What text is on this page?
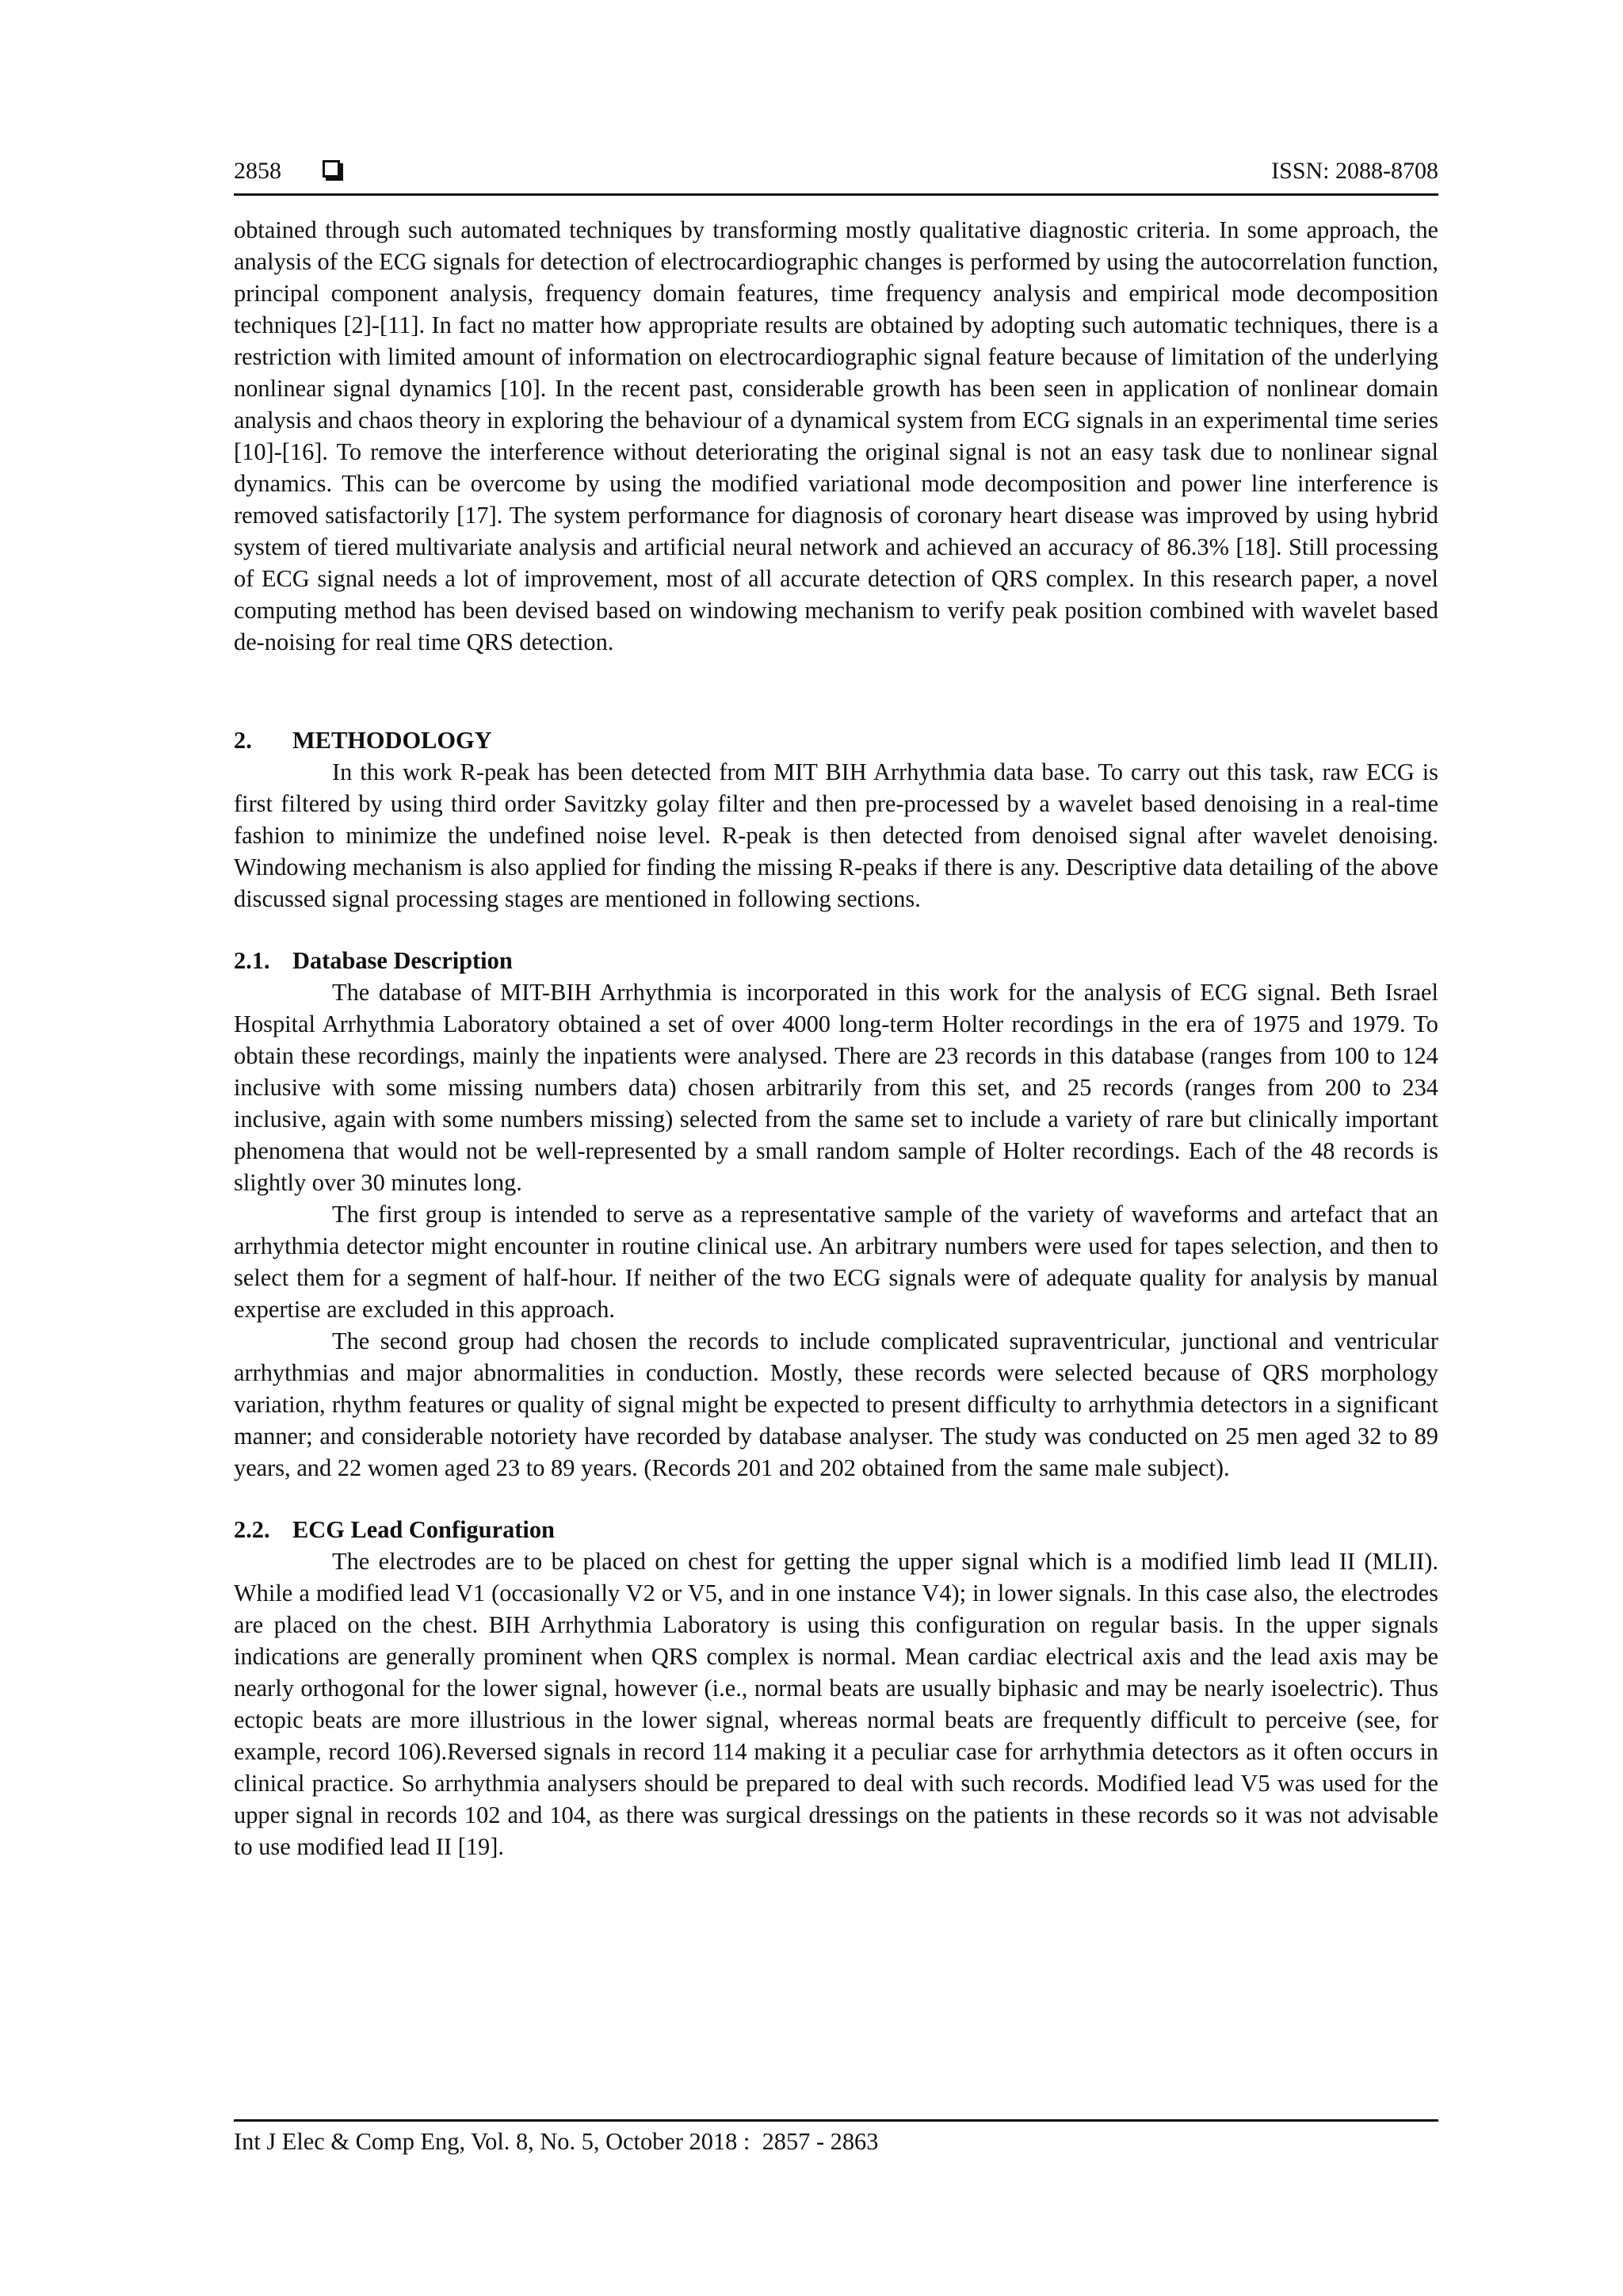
2858	ISSN: 2088-8708

obtained through such automated techniques by transforming mostly qualitative diagnostic criteria. In some approach, the analysis of the ECG signals for detection of electrocardiographic changes is performed by using the autocorrelation function, principal component analysis, frequency domain features, time frequency analysis and empirical mode decomposition techniques [2]-[11]. In fact no matter how appropriate results are obtained by adopting such automatic techniques, there is a restriction with limited amount of information on electrocardiographic signal feature because of limitation of the underlying nonlinear signal dynamics [10]. In the recent past, considerable growth has been seen in application of nonlinear domain analysis and chaos theory in exploring the behaviour of a dynamical system from ECG signals in an experimental time series [10]-[16]. To remove the interference without deteriorating the original signal is not an easy task due to nonlinear signal dynamics. This can be overcome by using the modified variational mode decomposition and power line interference is removed satisfactorily [17]. The system performance for diagnosis of coronary heart disease was improved by using hybrid system of tiered multivariate analysis and artificial neural network and achieved an accuracy of 86.3% [18]. Still processing of ECG signal needs a lot of improvement, most of all accurate detection of QRS complex. In this research paper, a novel computing method has been devised based on windowing mechanism to verify peak position combined with wavelet based de-noising for real time QRS detection.

2.	METHODOLOGY

In this work R-peak has been detected from MIT BIH Arrhythmia data base. To carry out this task, raw ECG is first filtered by using third order Savitzky golay filter and then pre-processed by a wavelet based denoising in a real-time fashion to minimize the undefined noise level. R-peak is then detected from denoised signal after wavelet denoising. Windowing mechanism is also applied for finding the missing R-peaks if there is any. Descriptive data detailing of the above discussed signal processing stages are mentioned in following sections.

2.1. Database Description

The database of MIT-BIH Arrhythmia is incorporated in this work for the analysis of ECG signal. Beth Israel Hospital Arrhythmia Laboratory obtained a set of over 4000 long-term Holter recordings in the era of 1975 and 1979. To obtain these recordings, mainly the inpatients were analysed. There are 23 records in this database (ranges from 100 to 124 inclusive with some missing numbers data) chosen arbitrarily from this set, and 25 records (ranges from 200 to 234 inclusive, again with some numbers missing) selected from the same set to include a variety of rare but clinically important phenomena that would not be well-represented by a small random sample of Holter recordings. Each of the 48 records is slightly over 30 minutes long.

The first group is intended to serve as a representative sample of the variety of waveforms and artefact that an arrhythmia detector might encounter in routine clinical use. An arbitrary numbers were used for tapes selection, and then to select them for a segment of half-hour. If neither of the two ECG signals were of adequate quality for analysis by manual expertise are excluded in this approach.

The second group had chosen the records to include complicated supraventricular, junctional and ventricular arrhythmias and major abnormalities in conduction. Mostly, these records were selected because of QRS morphology variation, rhythm features or quality of signal might be expected to present difficulty to arrhythmia detectors in a significant manner; and considerable notoriety have recorded by database analyser. The study was conducted on 25 men aged 32 to 89 years, and 22 women aged 23 to 89 years. (Records 201 and 202 obtained from the same male subject).

2.2. ECG Lead Configuration

The electrodes are to be placed on chest for getting the upper signal which is a modified limb lead II (MLII). While a modified lead V1 (occasionally V2 or V5, and in one instance V4); in lower signals. In this case also, the electrodes are placed on the chest. BIH Arrhythmia Laboratory is using this configuration on regular basis. In the upper signals indications are generally prominent when QRS complex is normal. Mean cardiac electrical axis and the lead axis may be nearly orthogonal for the lower signal, however (i.e., normal beats are usually biphasic and may be nearly isoelectric). Thus ectopic beats are more illustrious in the lower signal, whereas normal beats are frequently difficult to perceive (see, for example, record 106).Reversed signals in record 114 making it a peculiar case for arrhythmia detectors as it often occurs in clinical practice. So arrhythmia analysers should be prepared to deal with such records. Modified lead V5 was used for the upper signal in records 102 and 104, as there was surgical dressings on the patients in these records so it was not advisable to use modified lead II [19].

Int J Elec & Comp Eng, Vol. 8, No. 5, October 2018 :  2857 - 2863
